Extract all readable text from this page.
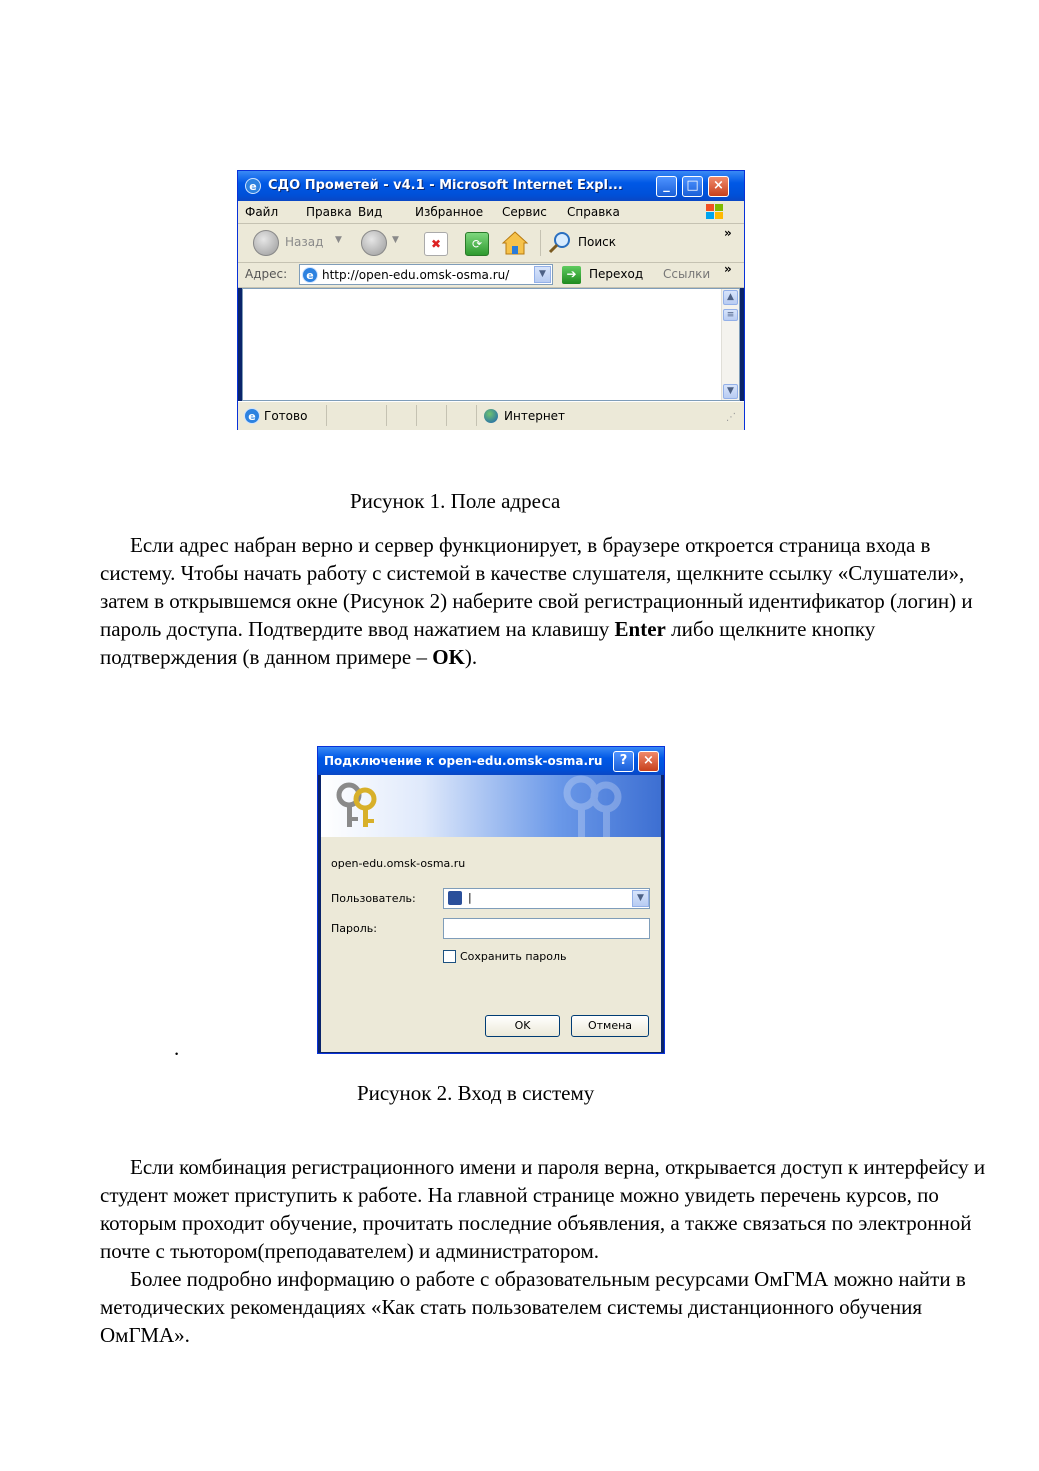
e СДО Прометей - v4.1 - Microsoft Internet Expl...	_	□	×
Файл Правка Вид	Избранное Сервис Справка
Назад ▼	▼	✖	⟳	Поиск
»
Адрес:	e http://open-edu.omsk-osma.ru/	▼	➔	Переход Ссылки »
▲
≡
▼
e Готово	Интернет	⋰
Рисунок 1. Поле адреса

Если адрес набран верно и сервер функционирует, в браузере откроется страница входа в систему. Чтобы начать работу с системой в качестве слушателя, щелкните ссылку «Слушатели», затем в открывшемся окне (Рисунок 2) наберите свой регистрационный идентификатор (логин) и пароль доступа. Подтвердите ввод нажатием на клавишу Enter либо щелкните кнопку подтверждения (в данном примере – OK).

Подключение к open-edu.omsk-osma.ru	?	×
open-edu.omsk-osma.ru
Пользователь:	|	▼
Пароль:
Сохранить пароль
OK	Отмена
.
Рисунок 2. Вход в систему

Если комбинация регистрационного имени и пароля верна, открывается доступ к интерфейсу и студент может приступить к работе. На главной странице можно увидеть перечень курсов, по которым проходит обучение, прочитать последние объявления, а также связаться по электронной почте с тьютором(преподавателем) и администратором.

Более подробно информацию о работе с образовательным ресурсами ОмГМА можно найти в методических рекомендациях «Как стать пользователем системы дистанционного обучения ОмГМА».
